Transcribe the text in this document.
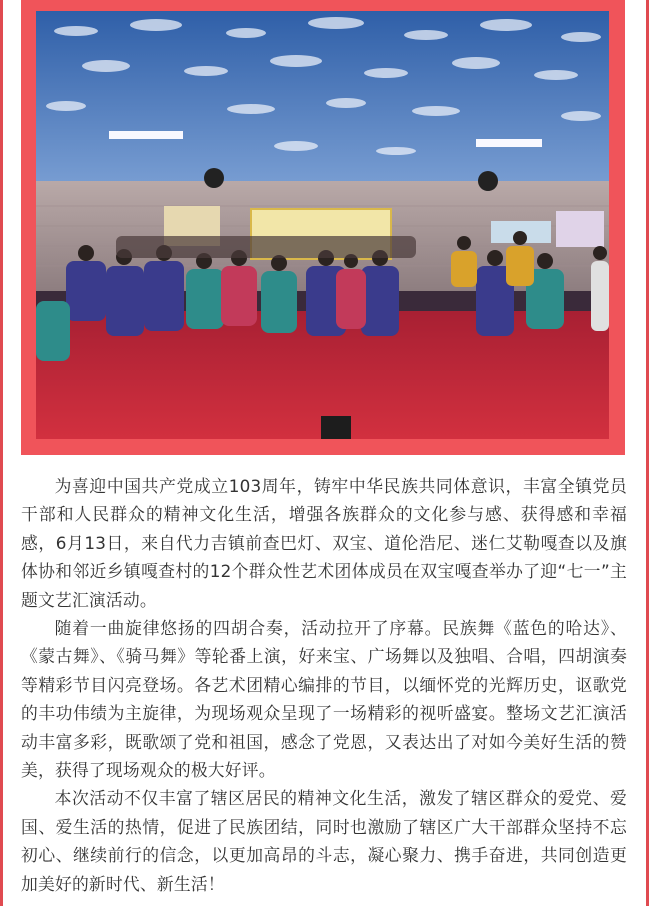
为喜迎中国共产党成立103周年，铸牢中华民族共同体意识，丰富全镇党员干部和人民群众的精神文化生活，增强各族群众的文化参与感、获得感和幸福感，6月13日，来自代力吉镇前查巴灯、双宝、道伦浩尼、迷仁艾勒嘎查以及旗体协和邻近乡镇嘎查村的12个群众性艺术团体成员在双宝嘎查举办了迎“七一”主题文艺汇演活动。

随着一曲旋律悠扬的四胡合奏，活动拉开了序幕。民族舞《蓝色的哈达》、《蒙古舞》、《骑马舞》等轮番上演，好来宝、广场舞以及独唱、合唱，四胡演奏等精彩节目闪亮登场。各艺术团精心编排的节目，以缅怀党的光辉历史，讴歌党的丰功伟绩为主旋律，为现场观众呈现了一场精彩的视听盛宴。整场文艺汇演活动丰富多彩，既歌颂了党和祖国，感念了党恩，又表达出了对如今美好生活的赞美，获得了现场观众的极大好评。

本次活动不仅丰富了辖区居民的精神文化生活，激发了辖区群众的爱党、爱国、爱生活的热情，促进了民族团结，同时也激励了辖区广大干部群众坚持不忘初心、继续前行的信念，以更加高昂的斗志，凝心聚力、携手奋进，共同创造更加美好的新时代、新生活！
